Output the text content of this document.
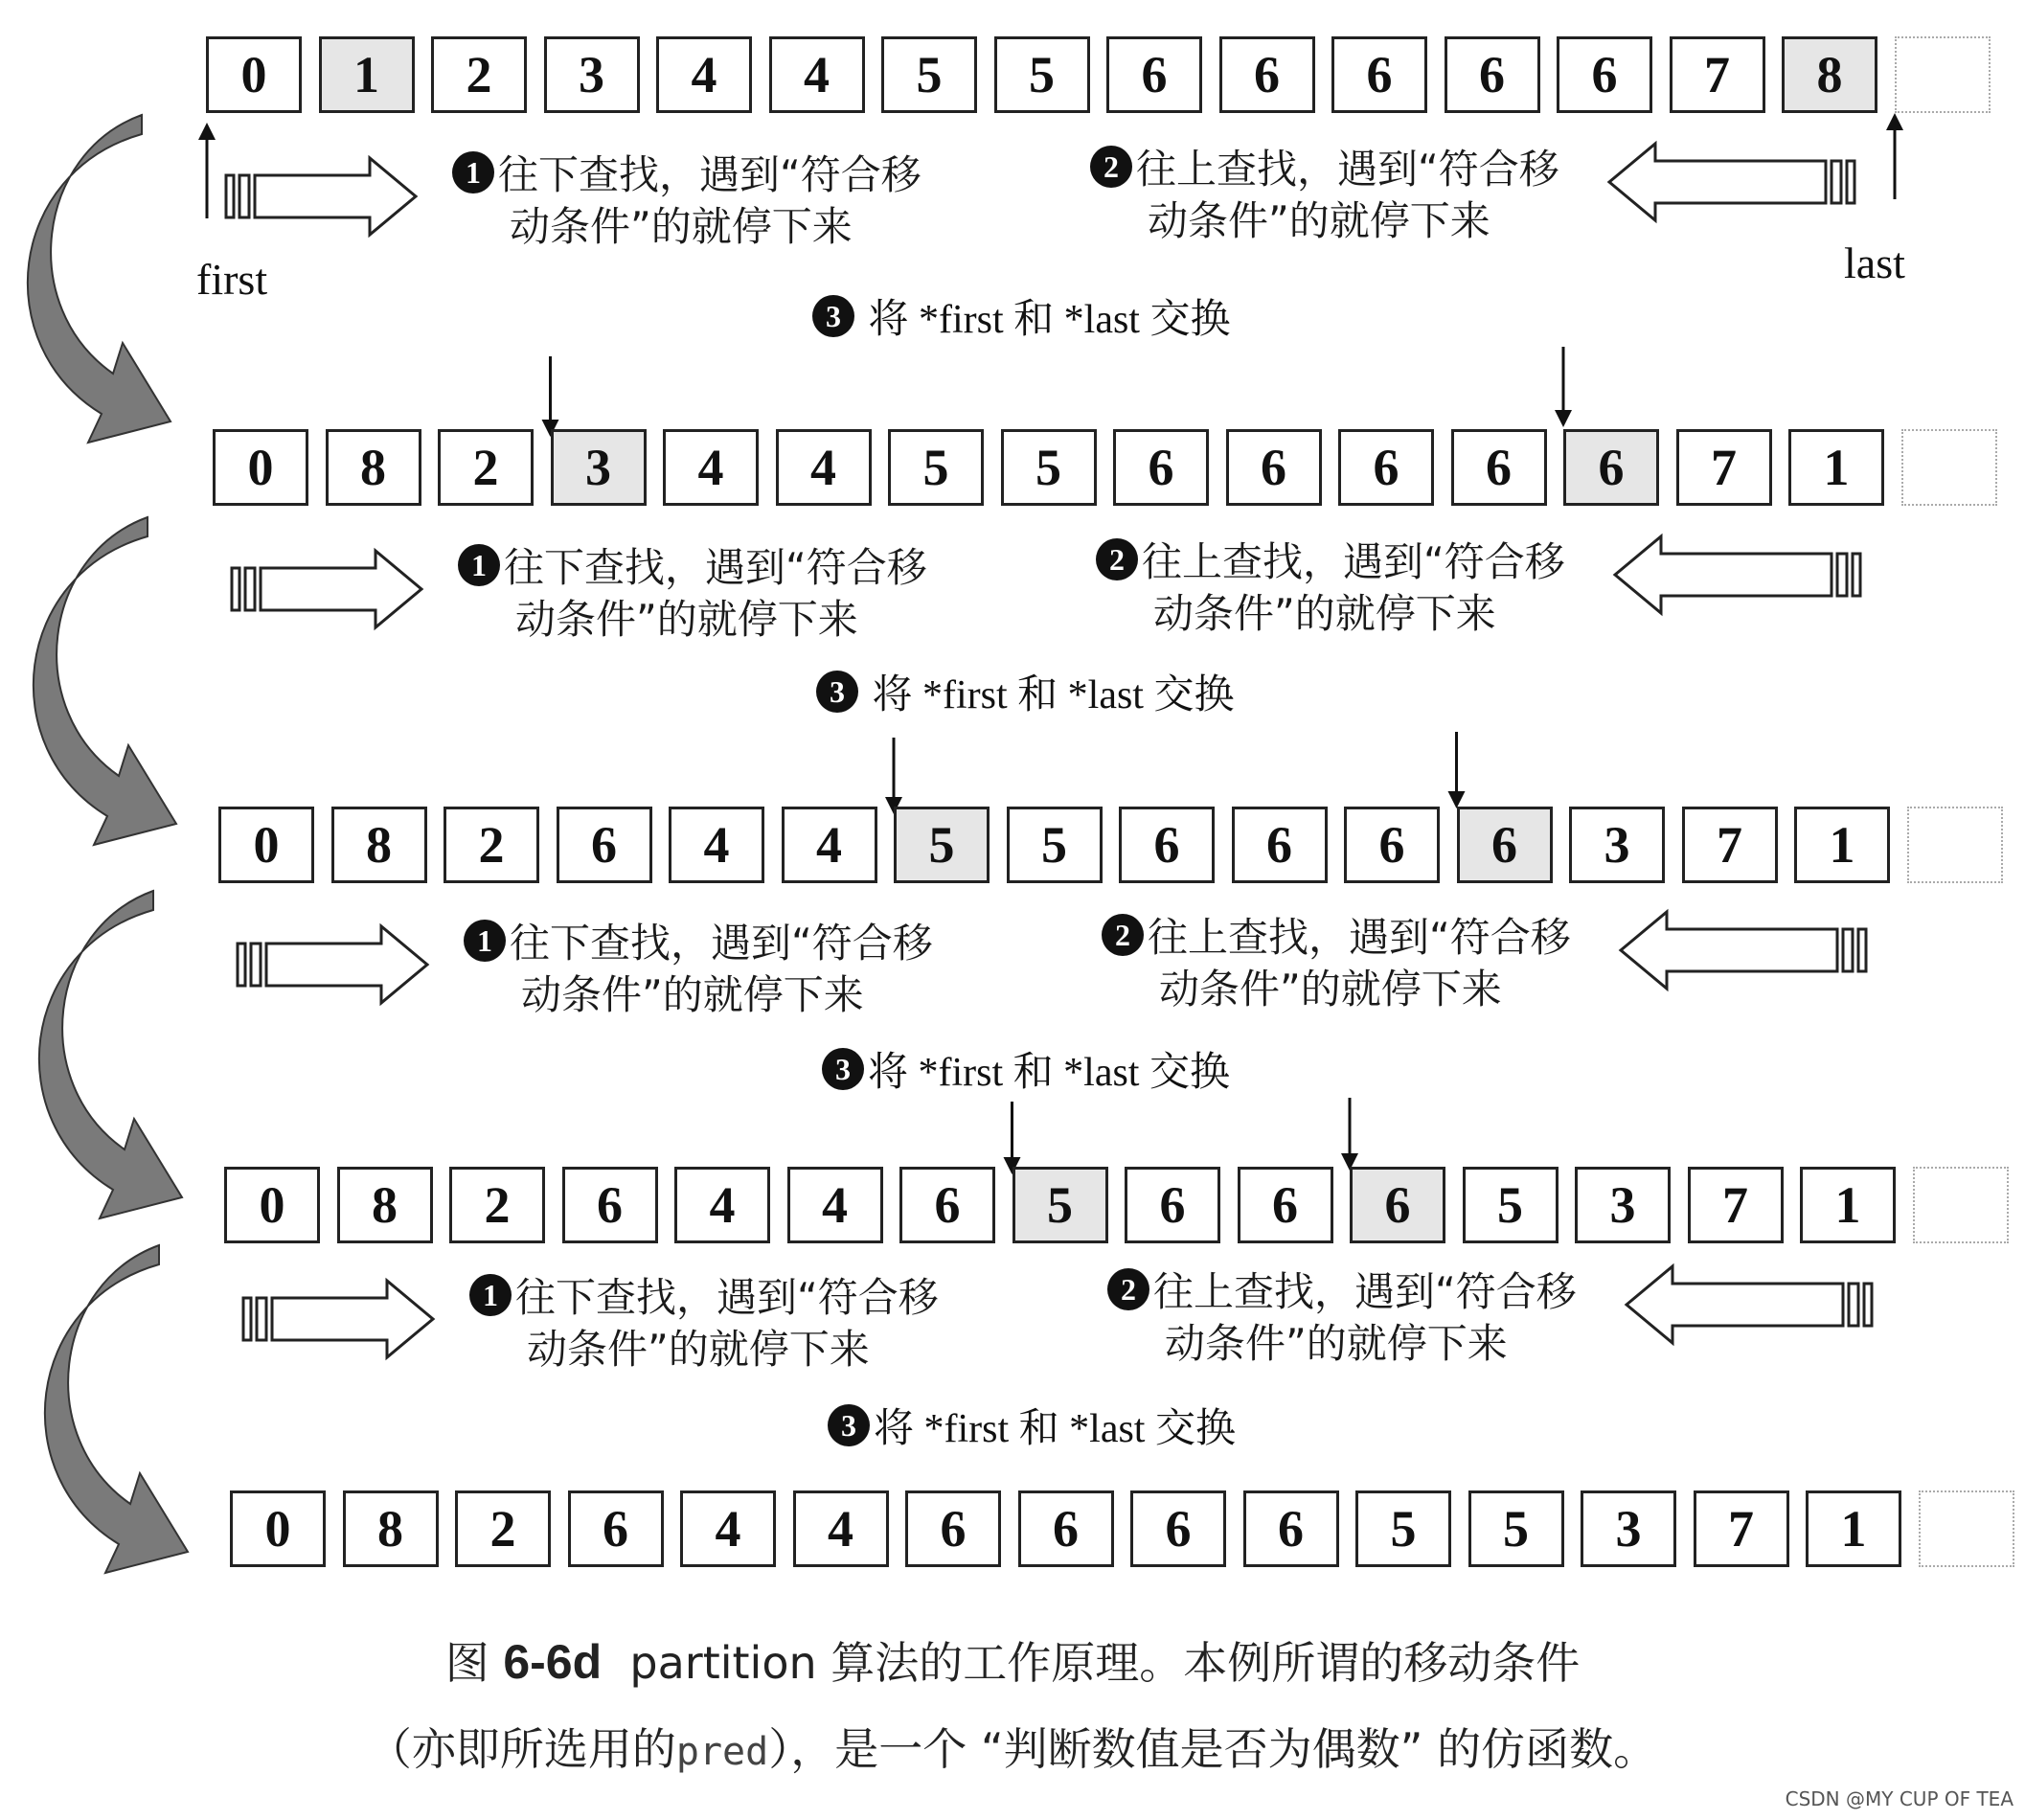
0	1	2	3	4	4	5	5	6	6	6	6	6	7	8
0	8	2	3	4	4	5	5	6	6	6	6	6	7	1
0	8	2	6	4	4	5	5	6	6	6	6	3	7	1
0	8	2	6	4	4	6	5	6	6	6	5	3	7	1
0	8	2	6	4	4	6	6	6	6	5	5	3	7	1
first	last
1 往下查找，遇到“符合移
动条件”的就停下来
2 往上查找，遇到“符合移
动条件”的就停下来
3 将 *first 和 *last 交换
1 往下查找，遇到“符合移
动条件”的就停下来
2 往上查找，遇到“符合移
动条件”的就停下来
3 将 *first 和 *last 交换
1 往下查找，遇到“符合移
动条件”的就停下来
2 往上查找，遇到“符合移
动条件”的就停下来
3 将 *first 和 *last 交换
1 往下查找，遇到“符合移
动条件”的就停下来
2 往上查找，遇到“符合移
动条件”的就停下来
3 将 *first 和 *last 交换
图 6-6d partition 算法的工作原理。本例所谓的移动条件
（亦即所选用的pred），是一个 “判断数值是否为偶数” 的仿函数。
CSDN @MY CUP OF TEA
